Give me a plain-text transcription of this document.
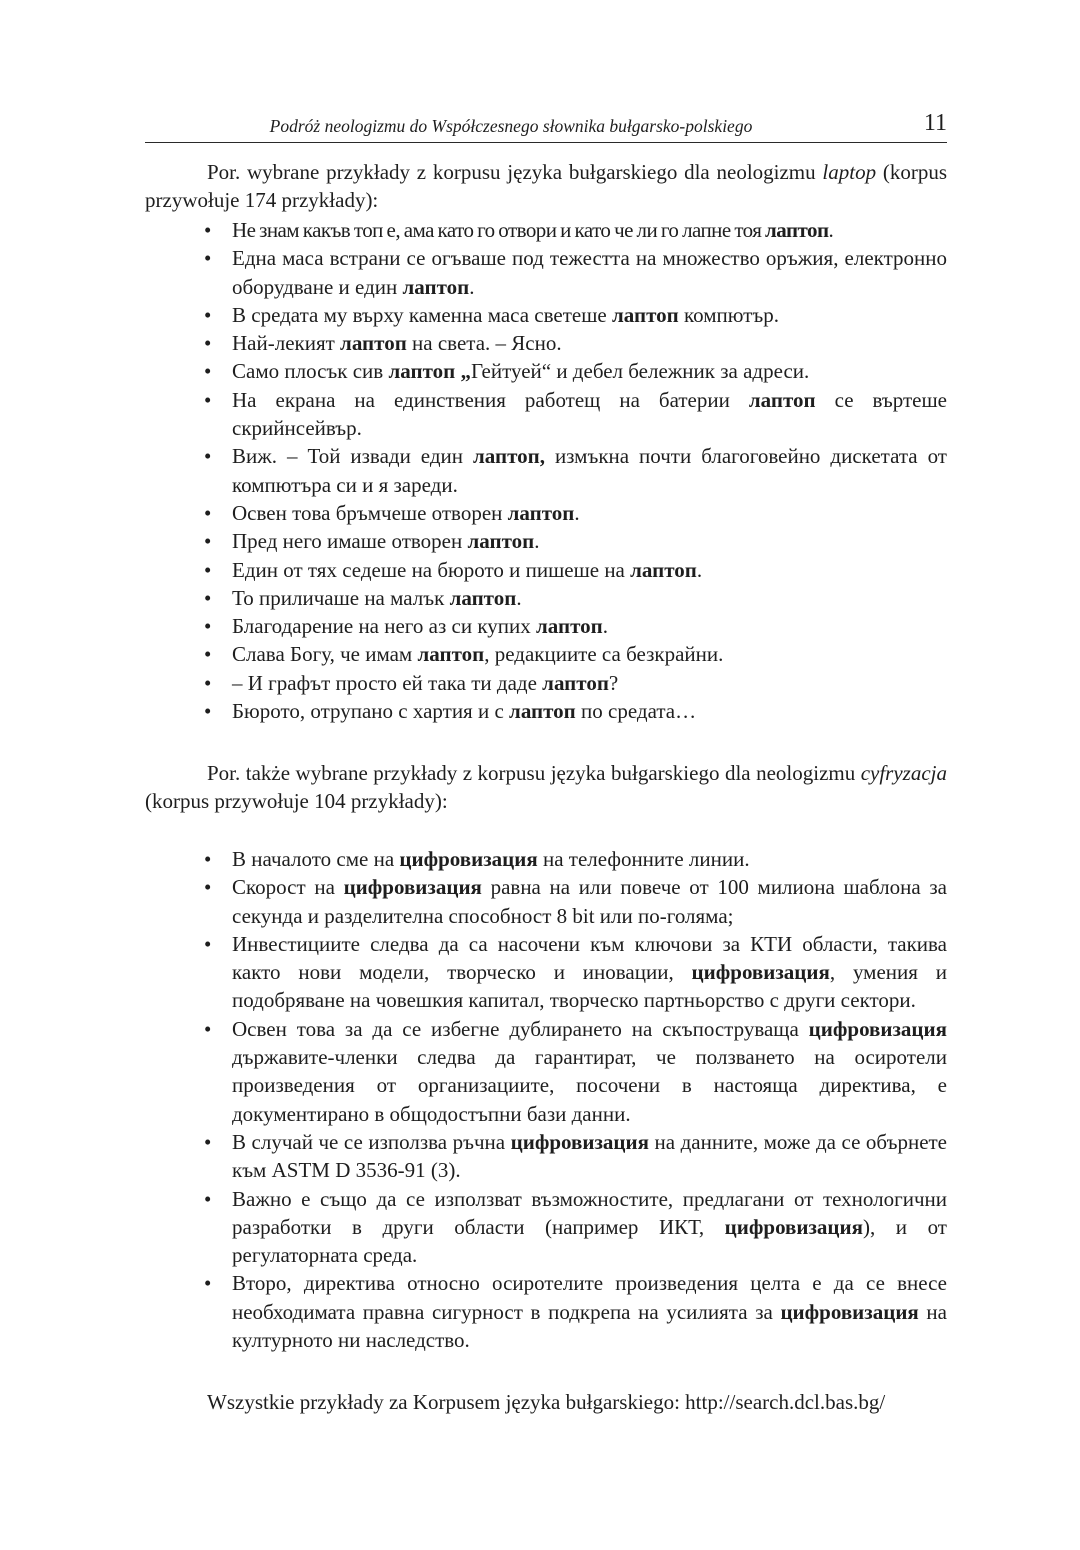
Podróż neologizmu do Współczesnego słownika bułgarsko-polskiego	11

Por. wybrane przykłady z korpusu języka bułgarskiego dla neologizmu laptop (korpus przywołuje 174 przykłady):

• Не знам какъв топ е, ама като го отвори и като че ли го лапне тоя лаптоп.
• Една маса встрани се огъваше под тежестта на множество оръжия, електронно оборудване и един лаптоп.
• В средата му върху каменна маса светеше лаптоп компютър.
• Най-лекият лаптоп на света. – Ясно.
• Само плосък сив лаптоп „Гейтуей“ и дебел бележник за адреси.
• На екрана на единствения работещ на батерии лаптоп се въртеше скрийнсейвър.
• Виж. – Той извади един лаптоп, измъкна почти благоговейно дискетата от компютъра си и я зареди.
• Освен това бръмчеше отворен лаптоп.
• Пред него имаше отворен лаптоп.
• Един от тях седеше на бюрото и пишеше на лаптоп.
• То приличаше на малък лаптоп.
• Благодарение на него аз си купих лаптоп.
• Слава Богу, че имам лаптоп, редакциите са безкрайни.
• – И графът просто ей така ти даде лаптоп?
• Бюрото, отрупано с хартия и с лаптоп по средата…

Por. także wybrane przykłady z korpusu języka bułgarskiego dla neologizmu cyfryzacja (korpus przywołuje 104 przykłady):

• В началото сме на цифровизация на телефонните линии.
• Скорост на цифровизация равна на или повече от 100 милиона шаблона за секунда и разделителна способност 8 bit или по-голяма;
• Инвестициите следва да са насочени към ключови за КТИ области, такива както нови модели, творческо и иновации, цифровизация, умения и подобряване на човешкия капитал, творческо партньорство с други сектори.
• Освен това за да се избегне дублирането на скъпоструваща цифровизация държавите-членки следва да гарантират, че ползването на осиротели произведения от организациите, посочени в настояща директива, е документирано в общодостъпни бази данни.
• В случай че се използва ръчна цифровизация на данните, може да се обърнете към ASTM D 3536-91 (3).
• Важно е също да се използват възможностите, предлагани от технологични разработки в други области (например ИКТ, цифровизация), и от регулаторната среда.
• Второ, директива относно осиротелите произведения целта е да се внесе необходимата правна сигурност в подкрепа на усилията за цифровизация на културното ни наследство.

Wszystkie przykłady za Korpusem języka bułgarskiego: http://search.dcl.bas.bg/
